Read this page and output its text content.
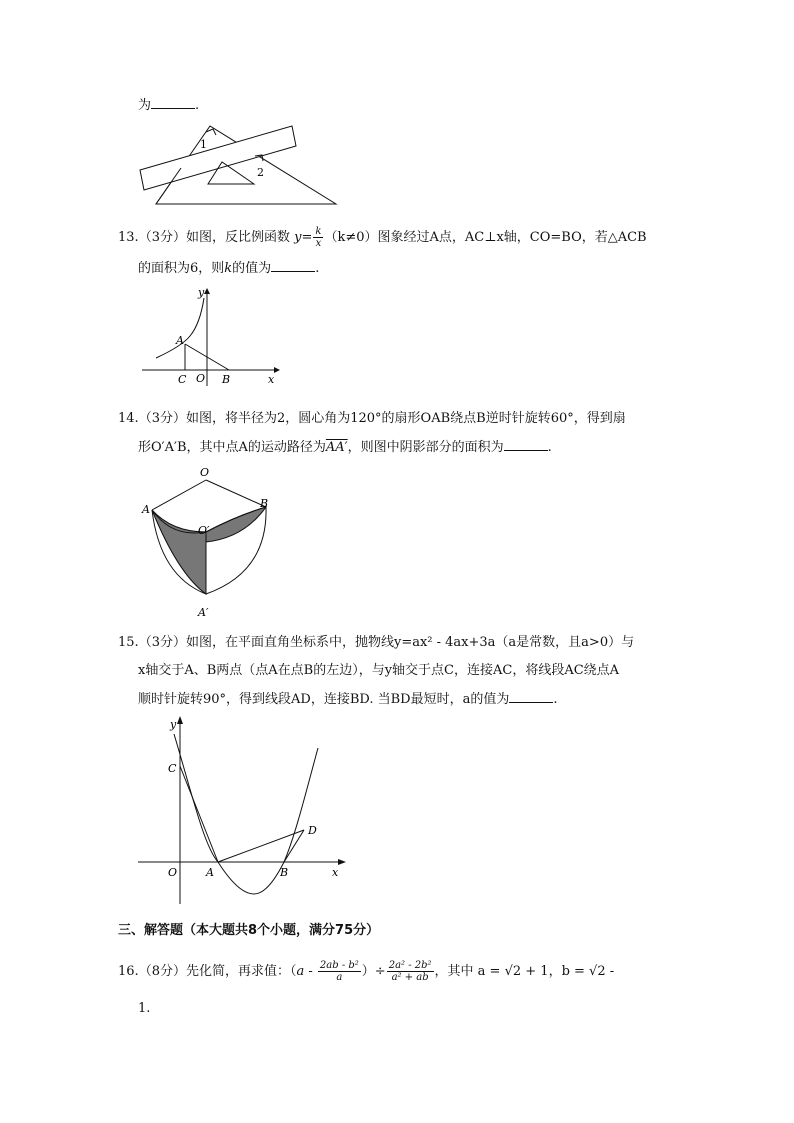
为	.
1
2
13.（3分）如图，反比例函数 $y= \frac{k}{x} (k\ne 0)$图象经过A点，AC⊥x轴，CO=BO，若△ACB
的面积为6，则k的值为	.
y
A
C O B	x
14.（3分）如图，将半径为2，圆心角为120°的扇形OAB绕点B逆时针旋转60°，得到扇
形O′A′B，其中点A的运动路径为AA′，则图中阴影部分的面积为	.
O
A	B
O′
A′
15.（3分）如图，在平面直角坐标系中，抛物线y=ax² - 4ax+3a（a是常数，且a>0）与
x轴交于A、B两点（点A在点B的左边），与y轴交于点C，连接AC，将线段AC绕点A
顺时针旋转90°，得到线段AD，连接BD. 当BD最短时，a的值为	.
y
C
D
O	A	B	x
三、解答题（本大题共8个小题，满分75分）
16.（8分）先化简，再求值：（$a - \frac{\text{2ab - b²}}{a}$ ）÷ $\frac{\text{2a² - 2b²}}{\text{a² + ab}}$ ，其中 a = √2 + 1，b = √2 -
1.
